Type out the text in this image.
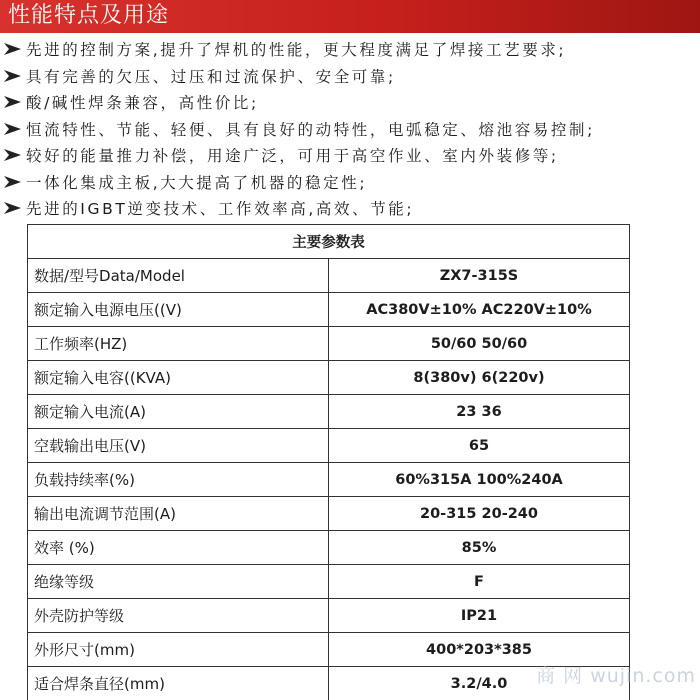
性能特点及用途
先进的控制方案,提升了焊机的性能，更大程度满足了焊接工艺要求;
具有完善的欠压、过压和过流保护、安全可靠;
酸/碱性焊条兼容，高性价比;
恒流特性、节能、轻便、具有良好的动特性，电弧稳定、熔池容易控制;
较好的能量推力补偿，用途广泛，可用于高空作业、室内外装修等;
一体化集成主板,大大提高了机器的稳定性;
先进的IGBT逆变技术、工作效率高,高效、节能;
主要参数表	
数据/型号Data/Model	ZX7-315S
额定输入电源电压((V)	AC380V±10% AC220V±10%
工作频率(HZ)	50/60 50/60
额定输入电容((KVA)	8(380v) 6(220v)
额定输入电流(A)	23 36
空载输出电压(V)	65
负载持续率(%)	60%315A 100%240A
输出电流调节范围(A)	20-315 20-240
效率 (%)	85%
绝缘等级	F
外壳防护等级	IP21
外形尺寸(mm)	400*203*385
适合焊条直径(mm)	3.2/4.0 商 网 wujin.com
